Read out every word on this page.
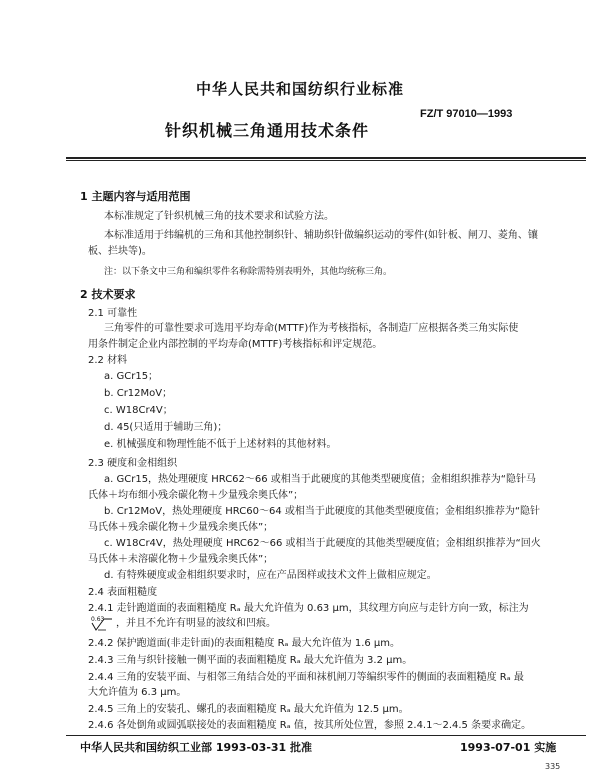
中华人民共和国纺织行业标准
FZ/T 97010—1993
针织机械三角通用技术条件
1 主题内容与适用范围
本标准规定了针织机械三角的技术要求和试验方法。
本标准适用于纬编机的三角和其他控制织针、辅助织针做编织运动的零件(如针板、闸刀、菱角、镶
板、拦块等)。
注：以下条文中三角和编织零件名称除需特别表明外，其他均统称三角。
2 技术要求
2.1 可靠性
三角零件的可靠性要求可选用平均寿命(MTTF)作为考核指标，各制造厂应根据各类三角实际使
用条件制定企业内部控制的平均寿命(MTTF)考核指标和评定规范。
2.2 材料
a. GCr15；
b. Cr12MoV；
c. W18Cr4V；
d. 45(只适用于辅助三角)；
e. 机械强度和物理性能不低于上述材料的其他材料。
2.3 硬度和金相组织
a. GCr15，热处理硬度 HRC62～66 或相当于此硬度的其他类型硬度值；金相组织推荐为“隐针马
氏体＋均布细小残余碳化物＋少量残余奥氏体”；
b. Cr12MoV，热处理硬度 HRC60～64 或相当于此硬度的其他类型硬度值；金相组织推荐为“隐针
马氏体＋残余碳化物＋少量残余奥氏体”；
c. W18Cr4V，热处理硬度 HRC62～66 或相当于此硬度的其他类型硬度值；金相组织推荐为“回火
马氏体＋未溶碳化物＋少量残余奥氏体”；
d. 有特殊硬度或金相组织要求时，应在产品图样或技术文件上做相应规定。
2.4 表面粗糙度
2.4.1 走针跑道面的表面粗糙度 Rₐ 最大允许值为 0.63 μm，其纹理方向应与走针方向一致，标注为
0.63 ，并且不允许有明显的波纹和凹痕。
2.4.2 保护跑道面(非走针面)的表面粗糙度 Rₐ 最大允许值为 1.6 μm。
2.4.3 三角与织针接触一侧平面的表面粗糙度 Rₐ 最大允许值为 3.2 μm。
2.4.4 三角的安装平面、与相邻三角结合处的平面和袜机闸刀等编织零件的侧面的表面粗糙度 Rₐ 最
大允许值为 6.3 μm。
2.4.5 三角上的安装孔、螺孔的表面粗糙度 Rₐ 最大允许值为 12.5 μm。
2.4.6 各处倒角或圆弧联接处的表面粗糙度 Rₐ 值，按其所处位置，参照 2.4.1～2.4.5 条要求确定。
中华人民共和国纺织工业部 1993-03-31 批准	1993-07-01 实施
335
